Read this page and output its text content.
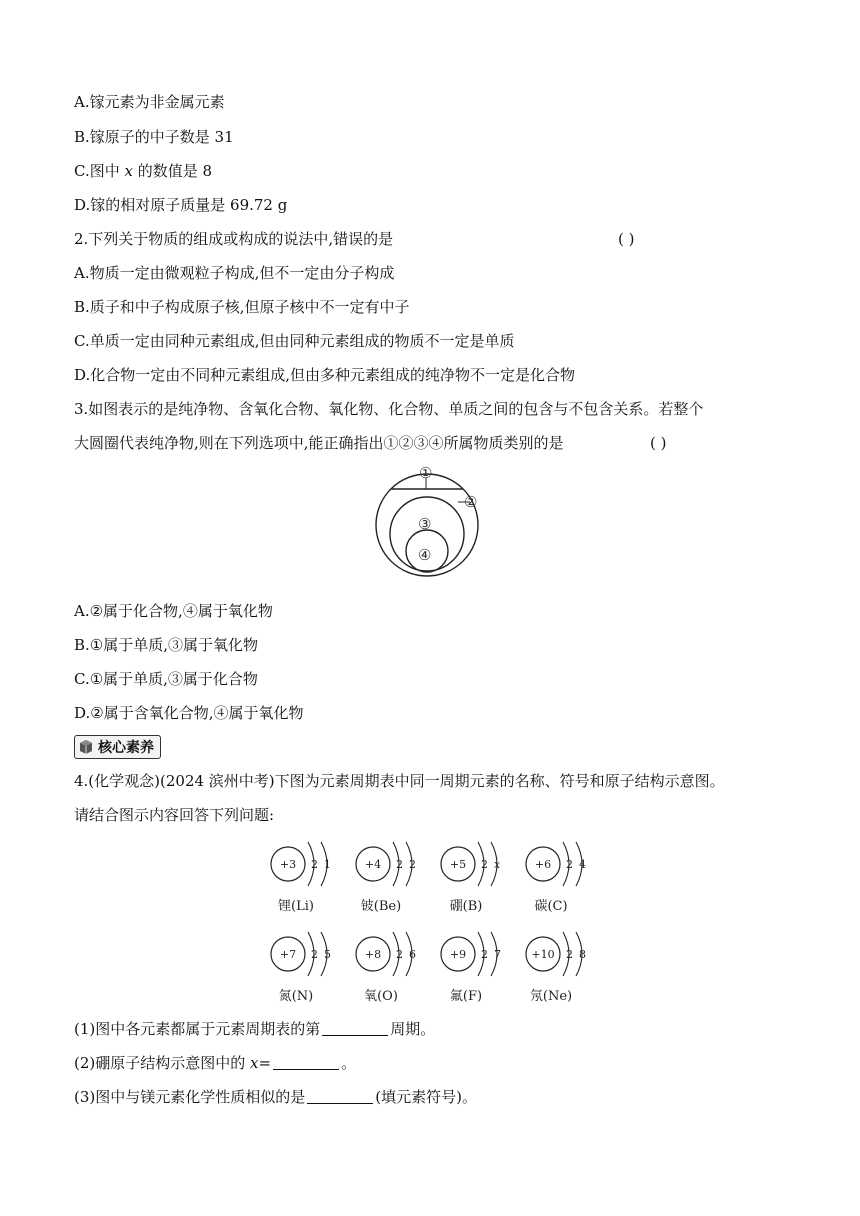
A.镓元素为非金属元素
B.镓原子的中子数是 31
C.图中 x 的数值是 8
D.镓的相对原子质量是 69.72 g
2.下列关于物质的组成或构成的说法中,错误的是	( )
A.物质一定由微观粒子构成,但不一定由分子构成
B.质子和中子构成原子核,但原子核中不一定有中子
C.单质一定由同种元素组成,但由同种元素组成的物质不一定是单质
D.化合物一定由不同种元素组成,但由多种元素组成的纯净物不一定是化合物
3.如图表示的是纯净物、含氧化合物、氧化物、化合物、单质之间的包含与不包含关系。若整个
大圆圈代表纯净物,则在下列选项中,能正确指出①②③④所属物质类别的是	( )
①
②
③
④
A.②属于化合物,④属于氧化物
B.①属于单质,③属于氧化物
C.①属于单质,③属于化合物
D.②属于含氧化合物,④属于氧化物
核心素养
4.(化学观念)(2024 滨州中考)下图为元素周期表中同一周期元素的名称、符号和原子结构示意图。
请结合图示内容回答下列问题:
+3 2 1
锂(Li)
+4 2 2
铍(Be)
+5 2 x
硼(B)
+6 2 4
碳(C)
+7 2 5
氮(N)
+8 2 6
氧(O)
+9 2 7
氟(F)
+10 2 8
氖(Ne)
(1)图中各元素都属于元素周期表的第	周期。
(2)硼原子结构示意图中的 x=	。
(3)图中与镁元素化学性质相似的是	(填元素符号)。
